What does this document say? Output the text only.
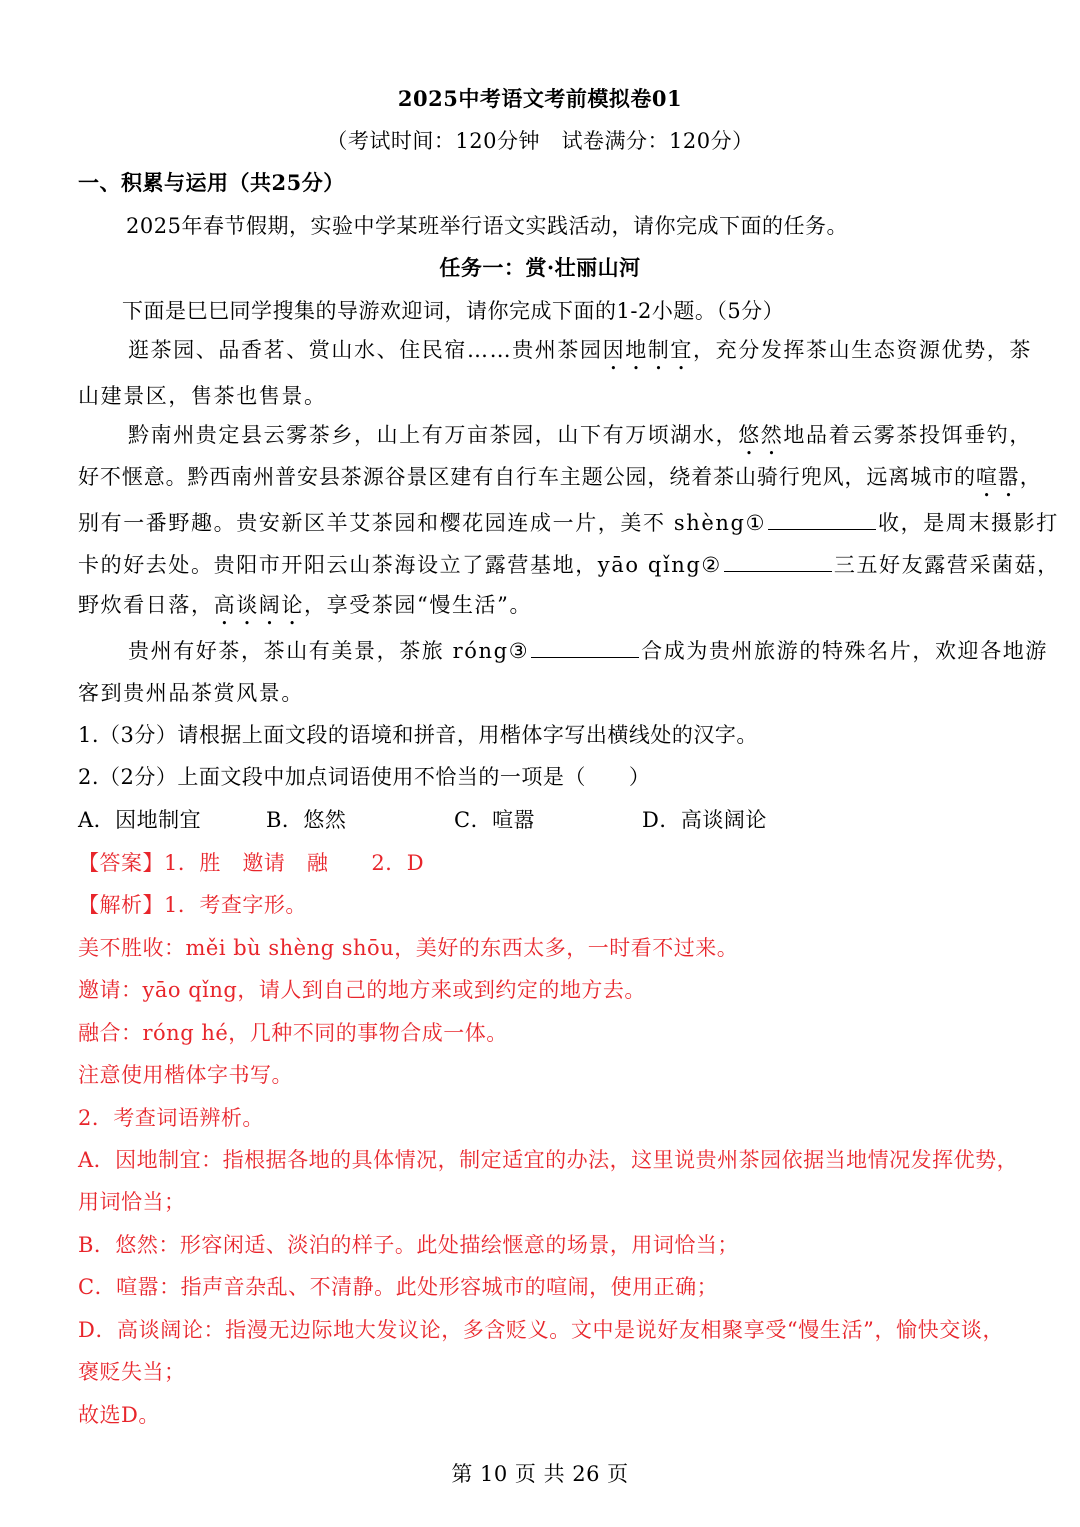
2025中考语文考前模拟卷01
（考试时间：120分钟　试卷满分：120分）
一、积累与运用（共25分）
2025年春节假期，实验中学某班举行语文实践活动，请你完成下面的任务。
任务一：赏·壮丽山河
下面是巳巳同学搜集的导游欢迎词，请你完成下面的1-2小题。（5分）
逛茶园、品香茗、赏山水、住民宿……贵州茶园因地制宜，充分发挥茶山生态资源优势，茶
山建景区，售茶也售景。
黔南州贵定县云雾茶乡，山上有万亩茶园，山下有万顷湖水，悠然地品着云雾茶投饵垂钓，
好不惬意。黔西南州普安县茶源谷景区建有自行车主题公园，绕着茶山骑行兜风，远离城市的喧嚣，
别有一番野趣。贵安新区羊艾茶园和樱花园连成一片，美不 shèng①	收，是周末摄影打
卡的好去处。贵阳市开阳云山茶海设立了露营基地，yāo qǐng②	三五好友露营采菌菇，
野炊看日落，高谈阔论，享受茶园“慢生活”。
贵州有好茶，茶山有美景，茶旅 róng③	合成为贵州旅游的特殊名片，欢迎各地游
客到贵州品茶赏风景。
1.（3分）请根据上面文段的语境和拼音，用楷体字写出横线处的汉字。
2.（2分）上面文段中加点词语使用不恰当的一项是（　　）
A．因地制宜	B．悠然	C．喧嚣	D．高谈阔论
【答案】1．胜　邀请　融　　2．D
【解析】1．考查字形。
美不胜收：měi bù shèng shōu，美好的东西太多，一时看不过来。
邀请：yāo qǐng，请人到自己的地方来或到约定的地方去。
融合：róng hé，几种不同的事物合成一体。
注意使用楷体字书写。
2．考查词语辨析。
A．因地制宜：指根据各地的具体情况，制定适宜的办法，这里说贵州茶园依据当地情况发挥优势，
用词恰当；
B．悠然：形容闲适、淡泊的样子。此处描绘惬意的场景，用词恰当；
C．喧嚣：指声音杂乱、不清静。此处形容城市的喧闹，使用正确；
D．高谈阔论：指漫无边际地大发议论，多含贬义。文中是说好友相聚享受“慢生活”，愉快交谈，
褒贬失当；
故选D。
第 10 页 共 26 页
